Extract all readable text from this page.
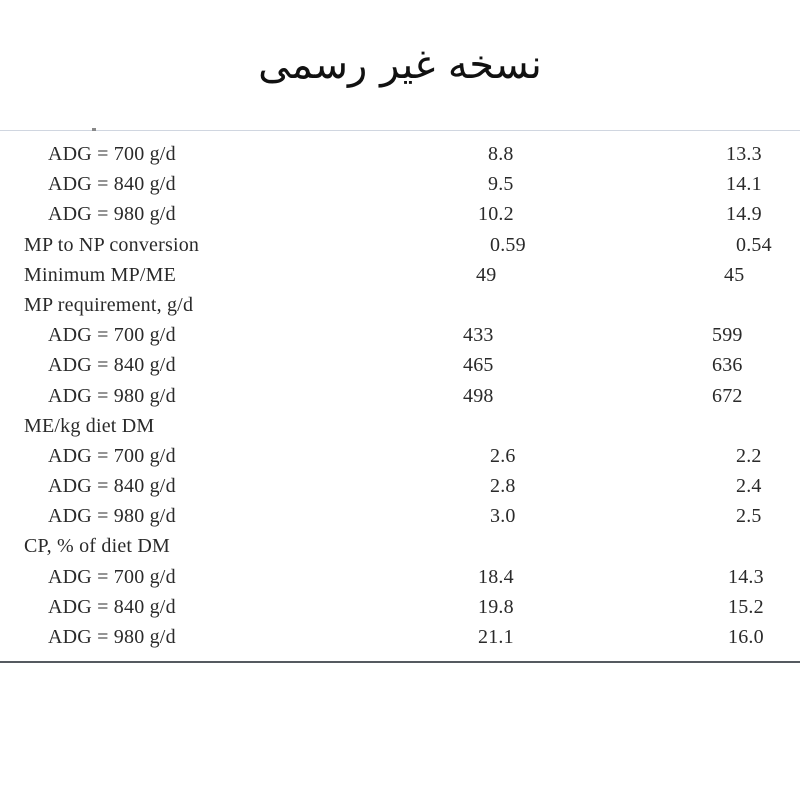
نسخه غیر رسمی
ADG = 700 g/d	8.8	13.3
ADG = 840 g/d	9.5	14.1
ADG = 980 g/d	10.2	14.9
MP to NP conversion	0.59	0.54
Minimum MP/ME	49	45
MP requirement, g/d
ADG = 700 g/d	433	599
ADG = 840 g/d	465	636
ADG = 980 g/d	498	672
ME/kg diet DM
ADG = 700 g/d	2.6	2.2
ADG = 840 g/d	2.8	2.4
ADG = 980 g/d	3.0	2.5
CP, % of diet DM
ADG = 700 g/d	18.4	14.3
ADG = 840 g/d	19.8	15.2
ADG = 980 g/d	21.1	16.0
